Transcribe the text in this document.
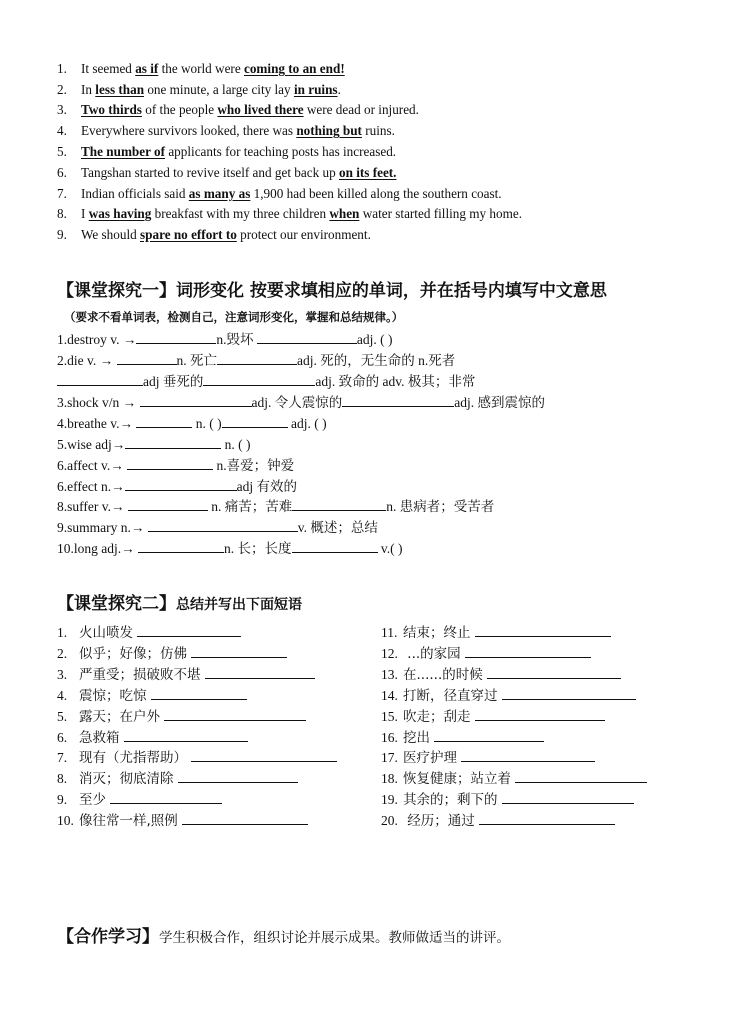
1. It seemed as if the world were coming to an end!
2. In less than one minute, a large city lay in ruins.
3. Two thirds of the people who lived there were dead or injured.
4. Everywhere survivors looked, there was nothing but ruins.
5. The number of applicants for teaching posts has increased.
6. Tangshan started to revive itself and get back up on its feet.
7. Indian officials said as many as 1,900 had been killed along the southern coast.
8. I was having breakfast with my three children when water started filling my home.
9. We should spare no effort to protect our environment.
【课堂探究一】词形变化 按要求填相应的单词，并在括号内填写中文意思
（要求不看单词表，检测自己，注意词形变化，掌握和总结规律。）
1.destroy v. →	n.毁坏	adj. ( )
2.die v. →	n. 死亡	adj. 死的，无生命的 n.死者
adj 垂死的	adj. 致命的 adv. 极其；非常
3.shock v/n →	adj. 令人震惊的	adj. 感到震惊的
4.breathe v.→	n. ( )	adj. ( )
5.wise adj→	n. ( )
6.affect v.→	n.喜爱；钟爱
6.effect n.→	adj 有效的
8.suffer v.→	n. 痛苦；苦难	n. 患病者；受苦者
9.summary n.→	v. 概述；总结
10.long adj.→	n. 长；长度	v.( )
【课堂探究二】总结并写出下面短语
1. 火山喷发
2. 似乎；好像；仿佛
3. 严重受；损破败不堪
4. 震惊；吃惊
5. 露天；在户外
6. 急救箱
7. 现有（尤指帮助）
8. 消灭；彻底清除
9. 至少
10. 像往常一样,照例
11. 结束；终止
12. ...的家园
13. 在......的时候
14. 打断，径直穿过
15. 吹走；刮走
16. 挖出
17. 医疗护理
18. 恢复健康；站立着
19. 其余的；剩下的
20. 经历；通过
【合作学习】学生积极合作，组织讨论并展示成果。教师做适当的讲评。
